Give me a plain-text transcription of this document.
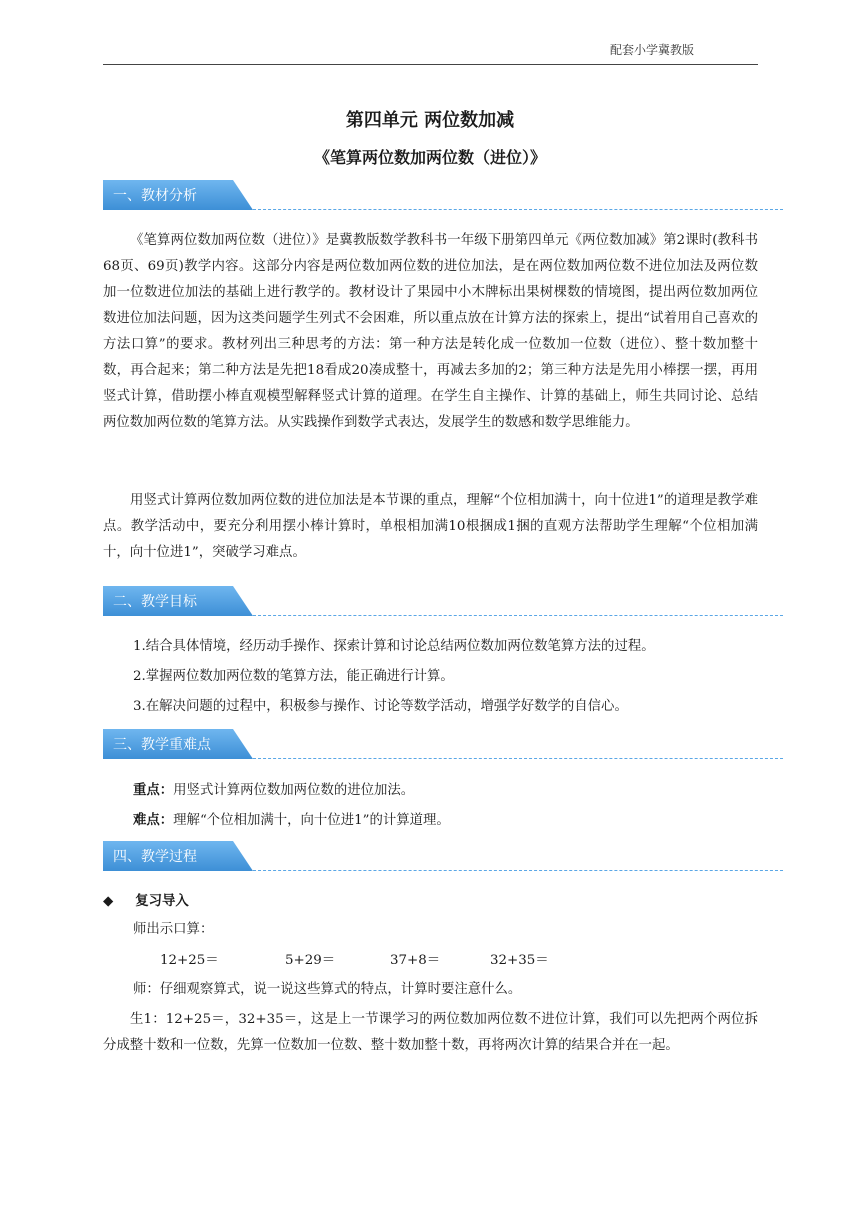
配套小学冀教版
第四单元 两位数加减
《笔算两位数加两位数（进位）》
一、教材分析
《笔算两位数加两位数（进位）》是冀教版数学教科书一年级下册第四单元《两位数加减》第2课时(教科书68页、69页)教学内容。这部分内容是两位数加两位数的进位加法，是在两位数加两位数不进位加法及两位数加一位数进位加法的基础上进行教学的。教材设计了果园中小木牌标出果树棵数的情境图，提出两位数加两位数进位加法问题，因为这类问题学生列式不会困难，所以重点放在计算方法的探索上，提出“试着用自己喜欢的方法口算”的要求。教材列出三种思考的方法：第一种方法是转化成一位数加一位数（进位）、整十数加整十数，再合起来；第二种方法是先把18看成20凑成整十，再减去多加的2；第三种方法是先用小棒摆一摆，再用竖式计算，借助摆小棒直观模型解释竖式计算的道理。在学生自主操作、计算的基础上，师生共同讨论、总结两位数加两位数的笔算方法。从实践操作到数学式表达，发展学生的数感和数学思维能力。
用竖式计算两位数加两位数的进位加法是本节课的重点，理解“个位相加满十，向十位进1”的道理是教学难点。教学活动中，要充分利用摆小棒计算时，单根相加满10根捆成1捆的直观方法帮助学生理解“个位相加满十，向十位进1”，突破学习难点。
二、教学目标
1.结合具体情境，经历动手操作、探索计算和讨论总结两位数加两位数笔算方法的过程。
2.掌握两位数加两位数的笔算方法，能正确进行计算。
3.在解决问题的过程中，积极参与操作、讨论等数学活动，增强学好数学的自信心。
三、教学重难点
重点：用竖式计算两位数加两位数的进位加法。
难点：理解“个位相加满十，向十位进1”的计算道理。
四、教学过程
◆ 复习导入
师出示口算：
12+25＝	5+29＝	37+8＝	32+35＝
师：仔细观察算式，说一说这些算式的特点，计算时要注意什么。
生1：12+25＝，32+35＝，这是上一节课学习的两位数加两位数不进位计算，我们可以先把两个两位拆分成整十数和一位数，先算一位数加一位数、整十数加整十数，再将两次计算的结果合并在一起。
